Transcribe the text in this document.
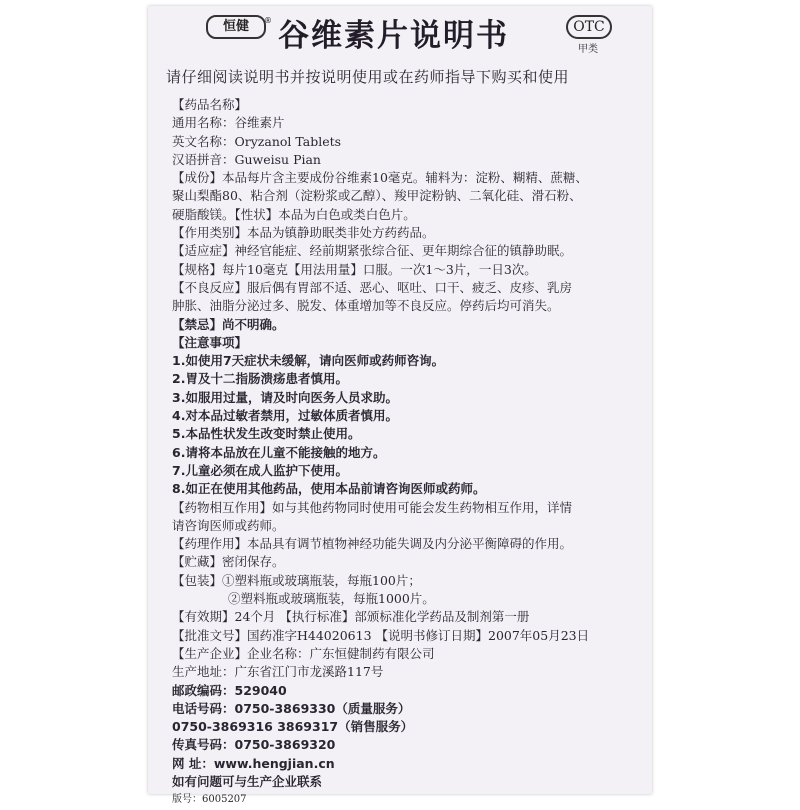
恒健 ® 谷维素片说明书	OTC
甲类
请仔细阅读说明书并按说明使用或在药师指导下购买和使用
【药品名称】
通用名称：谷维素片
英文名称：Oryzanol Tablets
汉语拼音：Guweisu Pian
【成份】本品每片含主要成份谷维素10毫克。辅料为：淀粉、糊精、蔗糖、
聚山梨酯80、粘合剂（淀粉浆或乙醇）、羧甲淀粉钠、二氧化硅、滑石粉、
硬脂酸镁。【性状】本品为白色或类白色片。
【作用类别】本品为镇静助眠类非处方药药品。
【适应症】神经官能症、经前期紧张综合征、更年期综合征的镇静助眠。
【规格】每片10毫克【用法用量】口服。一次1～3片，一日3次。
【不良反应】服后偶有胃部不适、恶心、呕吐、口干、疲乏、皮疹、乳房
肿胀、油脂分泌过多、脱发、体重增加等不良反应。停药后均可消失。
【禁忌】尚不明确。
【注意事项】
1.如使用7天症状未缓解，请向医师或药师咨询。
2.胃及十二指肠溃疡患者慎用。
3.如服用过量，请及时向医务人员求助。
4.对本品过敏者禁用，过敏体质者慎用。
5.本品性状发生改变时禁止使用。
6.请将本品放在儿童不能接触的地方。
7.儿童必须在成人监护下使用。
8.如正在使用其他药品，使用本品前请咨询医师或药师。
【药物相互作用】如与其他药物同时使用可能会发生药物相互作用，详情
请咨询医师或药师。
【药理作用】本品具有调节植物神经功能失调及内分泌平衡障碍的作用。
【贮藏】密闭保存。
【包装】①塑料瓶或玻璃瓶装，每瓶100片；
②塑料瓶或玻璃瓶装，每瓶1000片。
【有效期】24个月 【执行标准】部颁标准化学药品及制剂第一册
【批准文号】国药准字H44020613 【说明书修订日期】2007年05月23日
【生产企业】企业名称：广东恒健制药有限公司
生产地址：广东省江门市龙溪路117号
邮政编码：529040
电话号码：0750-3869330（质量服务）
0750-3869316 3869317（销售服务）
传真号码：0750-3869320
网 址：www.hengjian.cn
如有问题可与生产企业联系
版号：6005207
